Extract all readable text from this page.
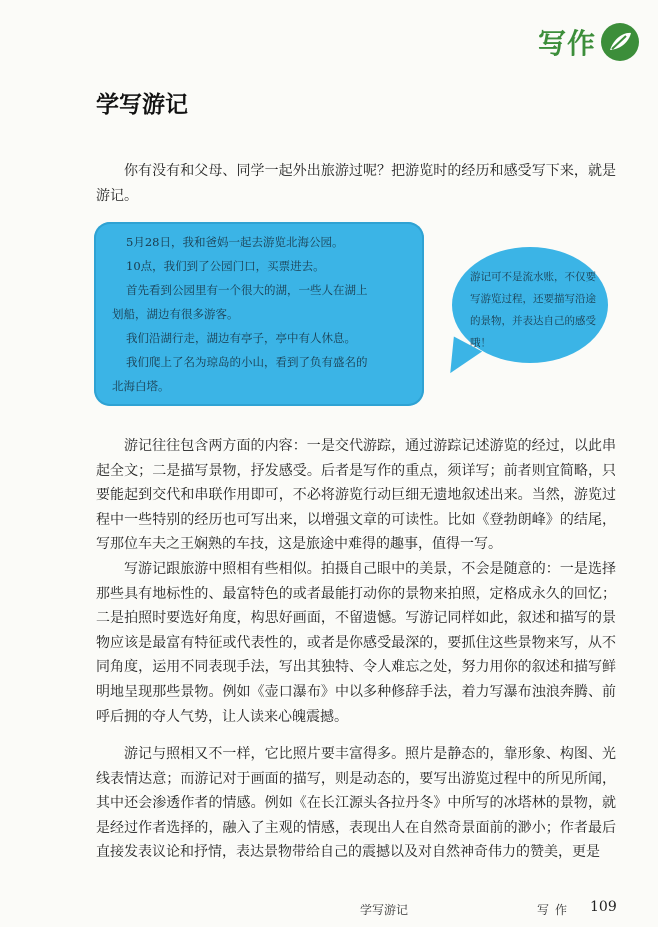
写作
学写游记

你有没有和父母、同学一起外出旅游过呢？把游览时的经历和感受写下来，就是游记。

5月28日，我和爸妈一起去游览北海公园。
10点，我们到了公园门口，买票进去。
首先看到公园里有一个很大的湖，一些人在湖上
划船，湖边有很多游客。
我们沿湖行走，湖边有亭子，亭中有人休息。
我们爬上了名为琼岛的小山，看到了负有盛名的
北海白塔。
游记可不是流水账，不仅要写游览过程，还要描写沿途的景物，并表达自己的感受哦！

游记往往包含两方面的内容：一是交代游踪，通过游踪记述游览的经过，以此串起全文；二是描写景物，抒发感受。后者是写作的重点，须详写；前者则宜简略，只要能起到交代和串联作用即可，不必将游览行动巨细无遗地叙述出来。当然，游览过程中一些特别的经历也可写出来，以增强文章的可读性。比如《登勃朗峰》的结尾，写那位车夫之王娴熟的车技，这是旅途中难得的趣事，值得一写。

写游记跟旅游中照相有些相似。拍摄自己眼中的美景，不会是随意的：一是选择那些具有地标性的、最富特色的或者最能打动你的景物来拍照，定格成永久的回忆；二是拍照时要选好角度，构思好画面，不留遗憾。写游记同样如此，叙述和描写的景物应该是最富有特征或代表性的，或者是你感受最深的，要抓住这些景物来写，从不同角度，运用不同表现手法，写出其独特、令人难忘之处，努力用你的叙述和描写鲜明地呈现那些景物。例如《壶口瀑布》中以多种修辞手法，着力写瀑布浊浪奔腾、前呼后拥的夺人气势，让人读来心魄震撼。

游记与照相又不一样，它比照片要丰富得多。照片是静态的，靠形象、构图、光线表情达意；而游记对于画面的描写，则是动态的，要写出游览过程中的所见所闻，其中还会渗透作者的情感。例如《在长江源头各拉丹冬》中所写的冰塔林的景物，就是经过作者选择的，融入了主观的情感，表现出人在自然奇景面前的渺小；作者最后直接发表议论和抒情，表达景物带给自己的震撼以及对自然神奇伟力的赞美，更是

学写游记	写作 109
